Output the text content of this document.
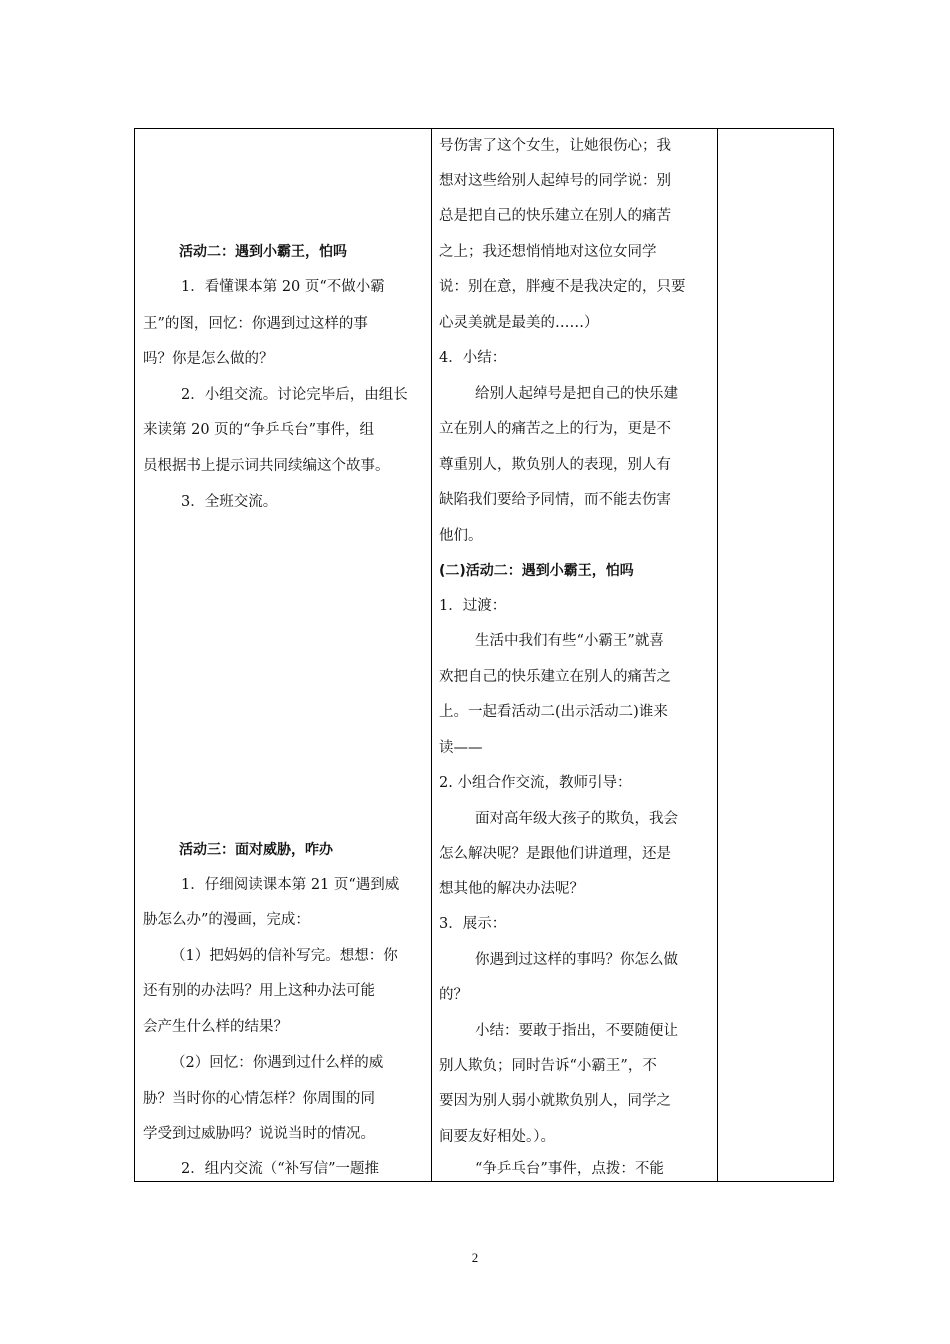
活动二：遇到小霸王，怕吗
1．看懂课本第 20 页“不做小霸
王”的图，回忆：你遇到过这样的事
吗？你是怎么做的？
2．小组交流。讨论完毕后，由组长
来读第 20 页的“争乒乓台”事件，组
员根据书上提示词共同续编这个故事。
3．全班交流。
活动三：面对威胁，咋办
1．仔细阅读课本第 21 页“遇到威
胁怎么办”的漫画，完成：
（1）把妈妈的信补写完。想想：你
还有别的办法吗？用上这种办法可能
会产生什么样的结果？
（2）回忆：你遇到过什么样的威
胁？当时你的心情怎样？你周围的同
学受到过威胁吗？说说当时的情况。
2．组内交流（“补写信”一题推
号伤害了这个女生，让她很伤心；我
想对这些给别人起绰号的同学说：别
总是把自己的快乐建立在别人的痛苦
之上；我还想悄悄地对这位女同学
说：别在意，胖瘦不是我决定的，只要
心灵美就是最美的……）
4．小结：
给别人起绰号是把自己的快乐建
立在别人的痛苦之上的行为，更是不
尊重别人，欺负别人的表现，别人有
缺陷我们要给予同情，而不能去伤害
他们。
(二)活动二：遇到小霸王，怕吗
1．过渡：
生活中我们有些“小霸王”就喜
欢把自己的快乐建立在别人的痛苦之
上。一起看活动二(出示活动二)谁来
读——
2. 小组合作交流，教师引导：
面对高年级大孩子的欺负，我会
怎么解决呢？是跟他们讲道理，还是
想其他的解决办法呢？
3．展示：
你遇到过这样的事吗？你怎么做
的？
小结：要敢于指出，不要随便让
别人欺负；同时告诉“小霸王”，不
要因为别人弱小就欺负别人，同学之
间要友好相处。）。
“争乒乓台”事件，点拨：不能
2
